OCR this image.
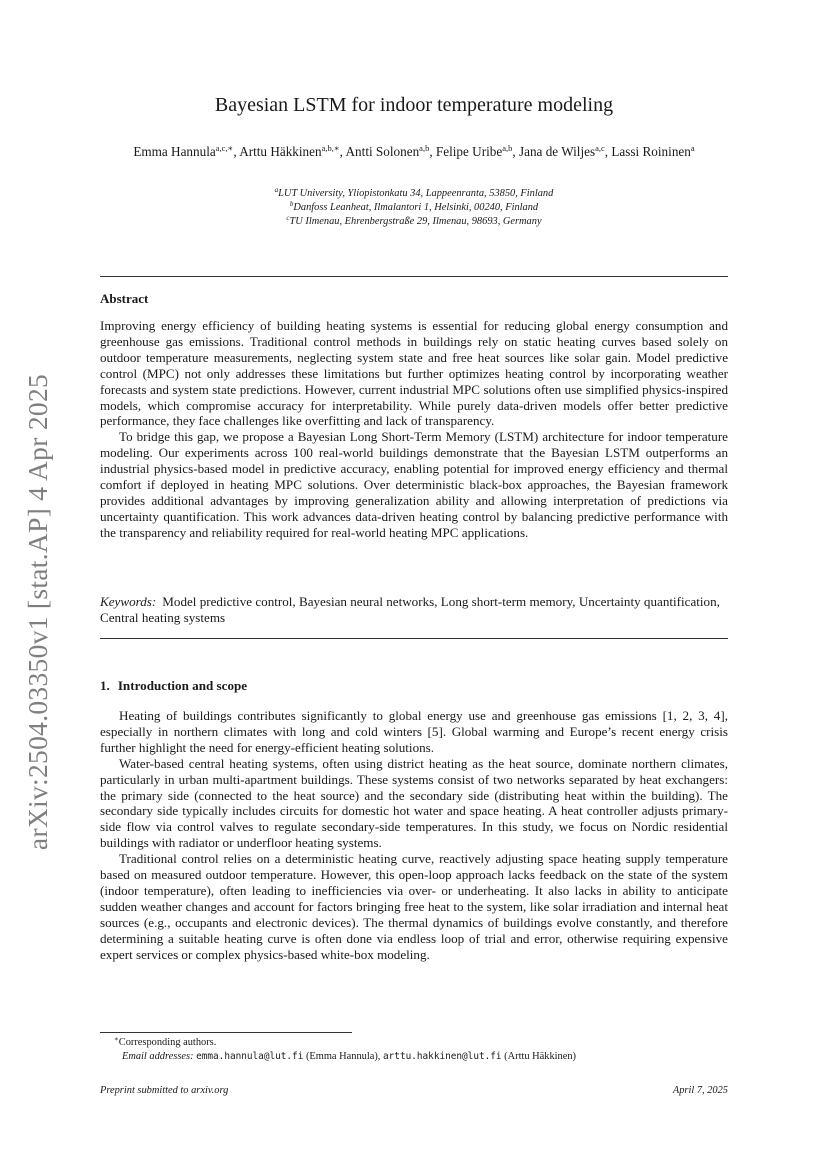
arXiv:2504.03350v1 [stat.AP] 4 Apr 2025
Bayesian LSTM for indoor temperature modeling
Emma Hannula$^{a,c,∗}$, Arttu Häkkinen$^{a,b,∗}$, Antti Solonen$^{a,b}$, Felipe Uribe$^{a,b}$, Jana de Wiljes$^{a,c}$, Lassi Roininen$^a$
$^a$LUT University, Yliopistonkatu 34, Lappeenranta, 53850, Finland
$^b$Danfoss Leanheat, Ilmalantori 1, Helsinki, 00240, Finland
$^c$TU Ilmenau, Ehrenbergstraße 29, Ilmenau, 98693, Germany
Abstract

Improving energy efficiency of building heating systems is essential for reducing global energy consumption and greenhouse gas emissions. Traditional control methods in buildings rely on static heating curves based solely on outdoor temperature measurements, neglecting system state and free heat sources like solar gain. Model predictive control (MPC) not only addresses these limitations but further optimizes heating control by incorporating weather forecasts and system state predictions. However, current industrial MPC solutions often use simplified physics-inspired models, which compromise accuracy for interpretability. While purely data-driven models offer better predictive performance, they face challenges like overfitting and lack of transparency.

To bridge this gap, we propose a Bayesian Long Short-Term Memory (LSTM) architecture for indoor temperature modeling. Our experiments across 100 real-world buildings demonstrate that the Bayesian LSTM outperforms an industrial physics-based model in predictive accuracy, enabling potential for improved energy efficiency and thermal comfort if deployed in heating MPC solutions. Over deterministic black-box approaches, the Bayesian framework provides additional advantages by improving generalization ability and allowing interpretation of predictions via uncertainty quantification. This work advances data-driven heating control by balancing predictive performance with the transparency and reliability required for real-world heating MPC applications.

Keywords: Model predictive control, Bayesian neural networks, Long short-term memory, Uncertainty quantification, Central heating systems
1. Introduction and scope

Heating of buildings contributes significantly to global energy use and greenhouse gas emissions [1, 2, 3, 4], especially in northern climates with long and cold winters [5]. Global warming and Europe’s recent energy crisis further highlight the need for energy-efficient heating solutions.

Water-based central heating systems, often using district heating as the heat source, dominate northern climates, particularly in urban multi-apartment buildings. These systems consist of two networks separated by heat exchangers: the primary side (connected to the heat source) and the secondary side (distributing heat within the building). The secondary side typically includes circuits for domestic hot water and space heating. A heat controller adjusts primary-side flow via control valves to regulate secondary-side temperatures. In this study, we focus on Nordic residential buildings with radiator or underfloor heating systems.

Traditional control relies on a deterministic heating curve, reactively adjusting space heating supply temperature based on measured outdoor temperature. However, this open-loop approach lacks feedback on the state of the system (indoor temperature), often leading to inefficiencies via over- or underheating. It also lacks in ability to anticipate sudden weather changes and account for factors bringing free heat to the system, like solar irradiation and internal heat sources (e.g., occupants and electronic devices). The thermal dynamics of buildings evolve constantly, and therefore determining a suitable heating curve is often done via endless loop of trial and error, otherwise requiring expensive expert services or complex physics-based white-box modeling.

∗Corresponding authors.
Email addresses: emma.hannula@lut.fi (Emma Hannula), arttu.hakkinen@lut.fi (Arttu Häkkinen)
Preprint submitted to arxiv.org	April 7, 2025
